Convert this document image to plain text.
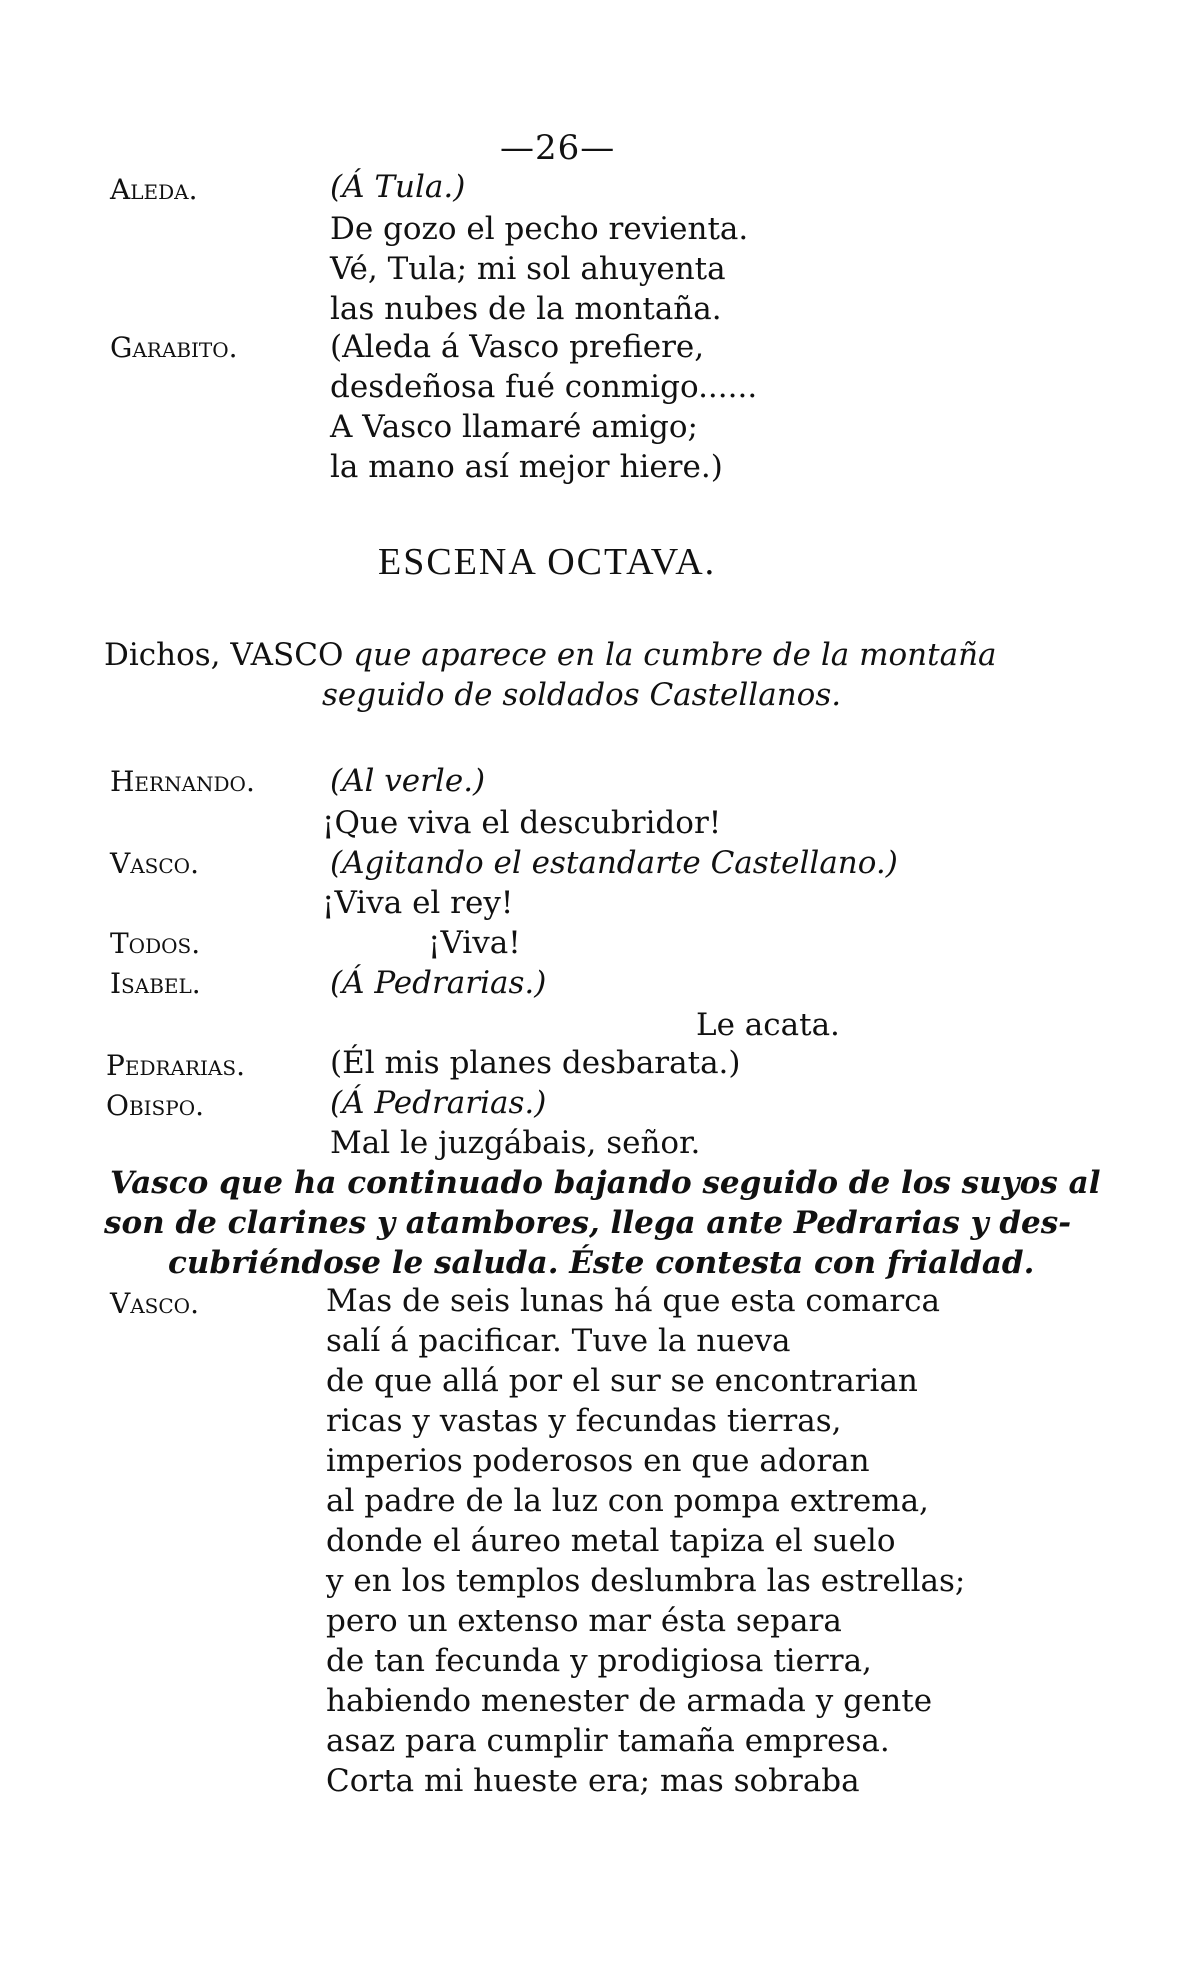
—26—
Aleda.	(Á Tula.)
De gozo el pecho revienta.
Vé, Tula; mi sol ahuyenta
las nubes de la montaña.
Garabito.	(Aleda á Vasco prefiere,
desdeñosa fué conmigo......
A Vasco llamaré amigo;
la mano así mejor hiere.)
ESCENA OCTAVA.
Dichos, VASCO que aparece en la cumbre de la montaña
seguido de soldados Castellanos.
Hernando. (Al verle.)
¡Que viva el descubridor!
Vasco.	(Agitando el estandarte Castellano.)
¡Viva el rey!
Todos.	¡Viva!
Isabel.	(Á Pedrarias.)
Le acata.
Pedrarias.	(Él mis planes desbarata.)
Obispo.	(Á Pedrarias.)
Mal le juzgábais, señor.
Vasco que ha continuado bajando seguido de los suyos al
son de clarines y atambores, llega ante Pedrarias y des-
cubriéndose le saluda. Éste contesta con frialdad.
Vasco.	Mas de seis lunas há que esta comarca
salí á pacificar. Tuve la nueva
de que allá por el sur se encontrarian
ricas y vastas y fecundas tierras,
imperios poderosos en que adoran
al padre de la luz con pompa extrema,
donde el áureo metal tapiza el suelo
y en los templos deslumbra las estrellas;
pero un extenso mar ésta separa
de tan fecunda y prodigiosa tierra,
habiendo menester de armada y gente
asaz para cumplir tamaña empresa.
Corta mi hueste era; mas sobraba
